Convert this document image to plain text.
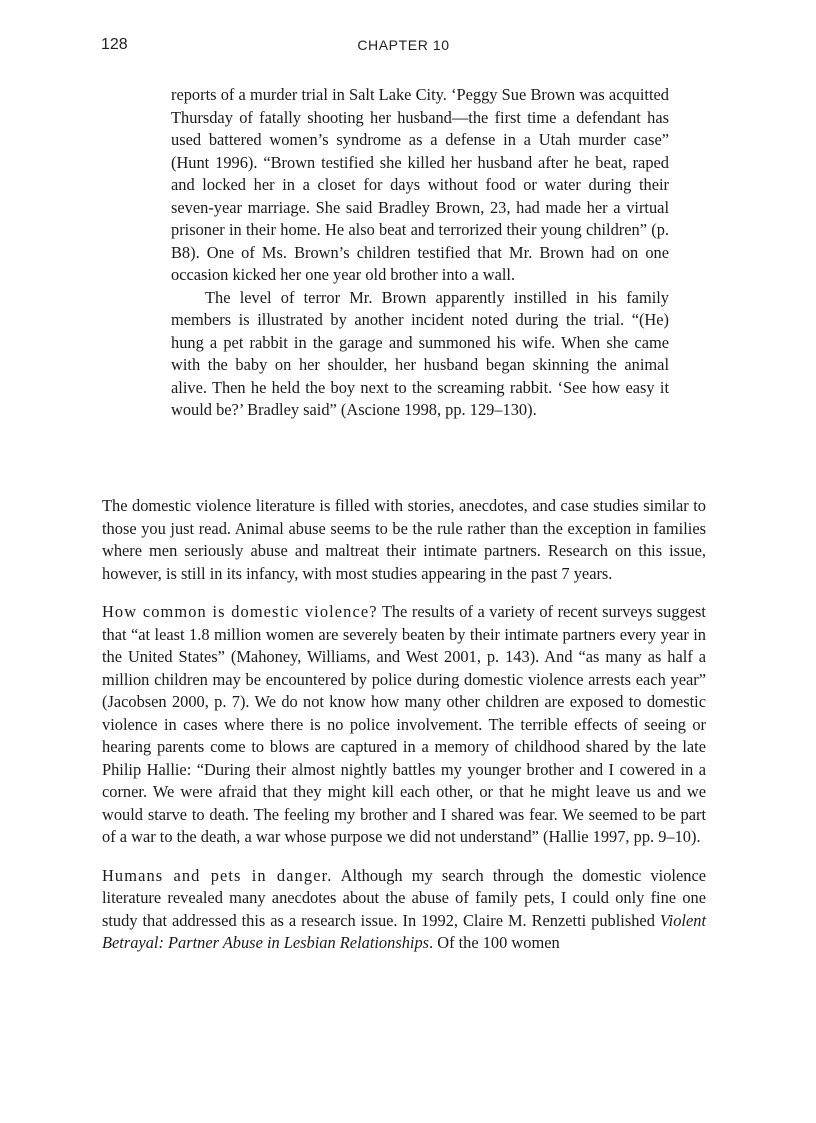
128	CHAPTER 10

reports of a murder trial in Salt Lake City. ‘Peggy Sue Brown was acquitted Thursday of fatally shooting her husband—the first time a defendant has used battered women’s syndrome as a defense in a Utah murder case” (Hunt 1996). “Brown testified she killed her husband after he beat, raped and locked her in a closet for days without food or water during their seven-year marriage. She said Bradley Brown, 23, had made her a virtual prisoner in their home. He also beat and terrorized their young children” (p. B8). One of Ms. Brown’s children testified that Mr. Brown had on one occasion kicked her one year old brother into a wall.

The level of terror Mr. Brown apparently instilled in his family members is illustrated by another incident noted during the trial. “(He) hung a pet rabbit in the garage and summoned his wife. When she came with the baby on her shoulder, her husband began skinning the animal alive. Then he held the boy next to the screaming rabbit. ‘See how easy it would be?’ Bradley said” (Ascione 1998, pp. 129–130).

The domestic violence literature is filled with stories, anecdotes, and case studies similar to those you just read. Animal abuse seems to be the rule rather than the exception in families where men seriously abuse and maltreat their intimate partners. Research on this issue, however, is still in its infancy, with most studies appearing in the past 7 years.

How common is domestic violence? The results of a variety of recent surveys suggest that “at least 1.8 million women are severely beaten by their intimate partners every year in the United States” (Mahoney, Williams, and West 2001, p. 143). And “as many as half a million children may be encountered by police during domestic violence arrests each year” (Jacobsen 2000, p. 7). We do not know how many other children are exposed to domestic violence in cases where there is no police involvement. The terrible effects of seeing or hearing parents come to blows are captured in a memory of childhood shared by the late Philip Hallie: “During their almost nightly battles my younger brother and I cowered in a corner. We were afraid that they might kill each other, or that he might leave us and we would starve to death. The feeling my brother and I shared was fear. We seemed to be part of a war to the death, a war whose purpose we did not understand” (Hallie 1997, pp. 9–10).

Humans and pets in danger. Although my search through the domestic violence literature revealed many anecdotes about the abuse of family pets, I could only fine one study that addressed this as a research issue. In 1992, Claire M. Renzetti published Violent Betrayal: Partner Abuse in Lesbian Relationships. Of the 100 women
